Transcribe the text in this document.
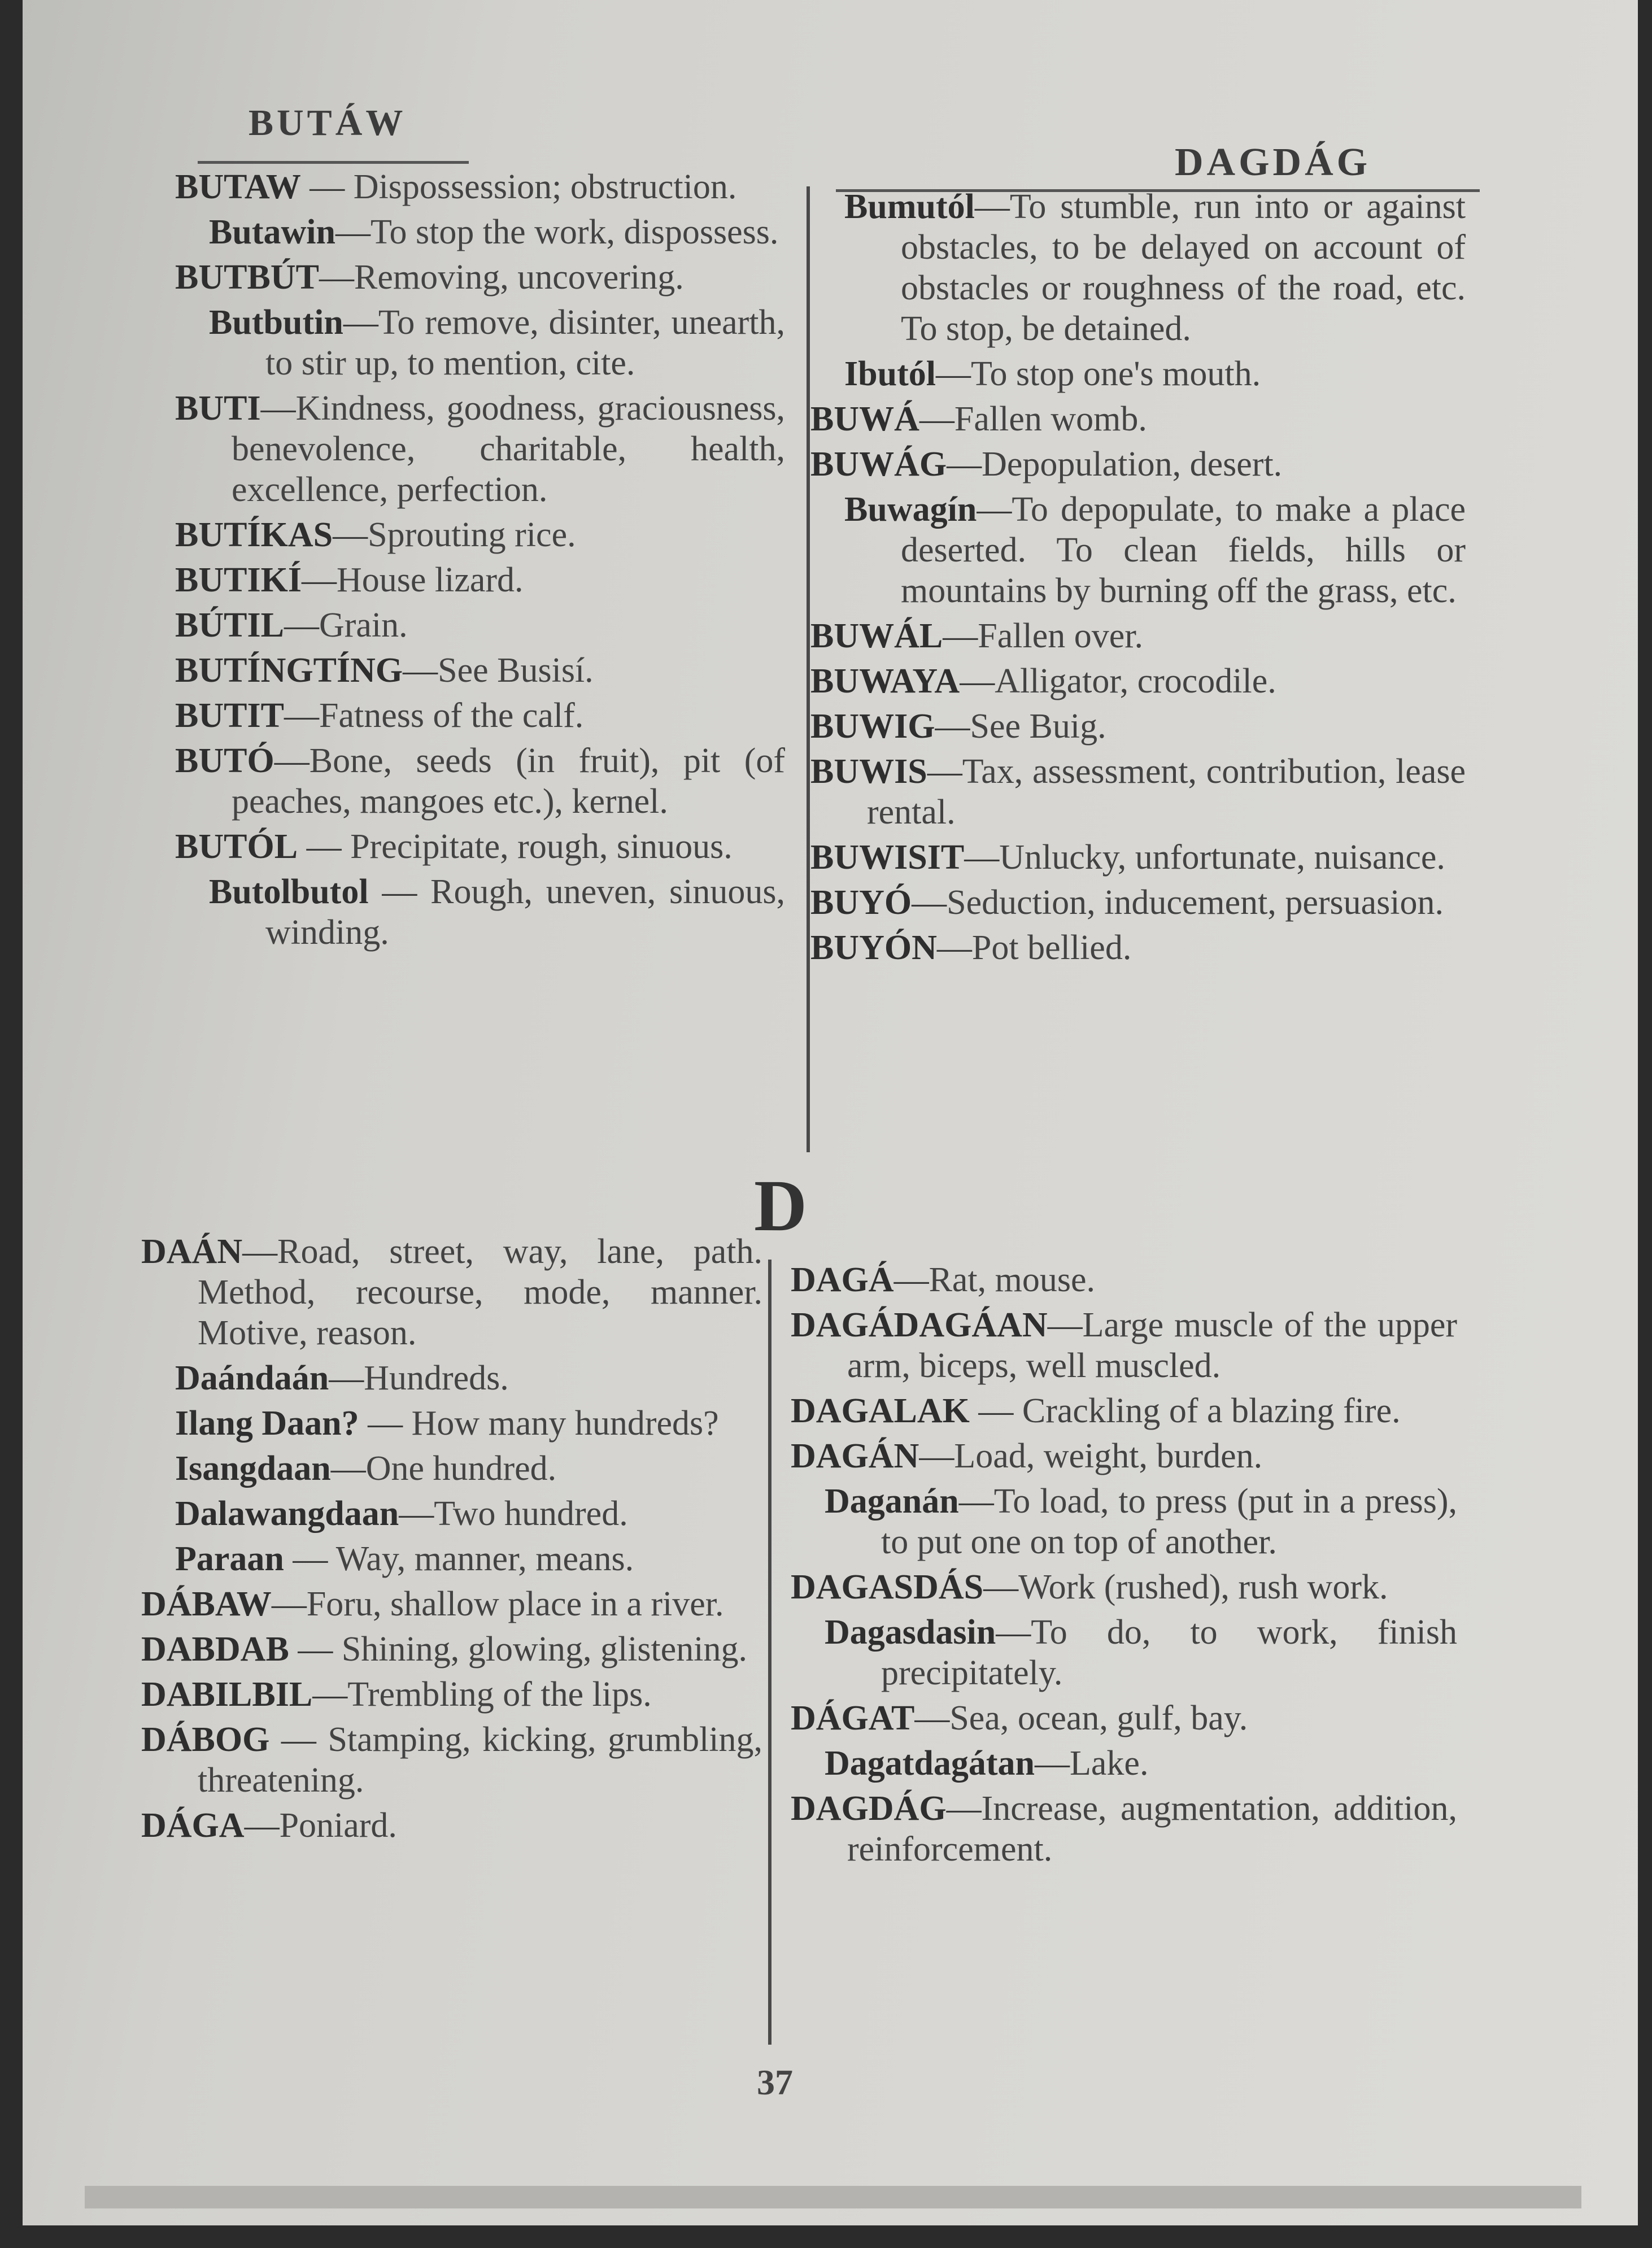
BUTÁW
DAGDÁG
BUTAW — Dispossession; obstruction.
Butawin—To stop the work, dispossess.
BUTBÚT—Removing, uncovering.
Butbutin—To remove, disinter, unearth, to stir up, to mention, cite.
BUTI—Kindness, goodness, graciousness, benevolence, charitable, health, excellence, perfection.
BUTÍKAS—Sprouting rice.
BUTIKÍ—House lizard.
BÚTIL—Grain.
BUTÍNGTÍNG—See Busisí.
BUTIT—Fatness of the calf.
BUTÓ—Bone, seeds (in fruit), pit (of peaches, mangoes etc.), kernel.
BUTÓL — Precipitate, rough, sinuous.
Butolbutol — Rough, uneven, sinuous, winding.
Bumutól—To stumble, run into or against obstacles, to be delayed on account of obstacles or roughness of the road, etc. To stop, be detained.
Ibutól—To stop one's mouth.
BUWÁ—Fallen womb.
BUWÁG—Depopulation, desert.
Buwagín—To depopulate, to make a place deserted. To clean fields, hills or mountains by burning off the grass, etc.
BUWÁL—Fallen over.
BUWAYA—Alligator, crocodile.
BUWIG—See Buig.
BUWIS—Tax, assessment, contribution, lease rental.
BUWISIT—Unlucky, unfortunate, nuisance.
BUYÓ—Seduction, inducement, persuasion.
BUYÓN—Pot bellied.
D
DAÁN—Road, street, way, lane, path. Method, recourse, mode, manner. Motive, reason.
Daándaán—Hundreds.
Ilang Daan? — How many hundreds?
Isangdaan—One hundred.
Dalawangdaan—Two hundred.
Paraan — Way, manner, means.
DÁBAW—Foru, shallow place in a river.
DABDAB — Shining, glowing, glistening.
DABILBIL—Trembling of the lips.
DÁBOG — Stamping, kicking, grumbling, threatening.
DÁGA—Poniard.
DAGÁ—Rat, mouse.
DAGÁDAGÁAN—Large muscle of the upper arm, biceps, well muscled.
DAGALAK — Crackling of a blazing fire.
DAGÁN—Load, weight, burden.
Daganán—To load, to press (put in a press), to put one on top of another.
DAGASDÁS—Work (rushed), rush work.
Dagasdasin—To do, to work, finish precipitately.
DÁGAT—Sea, ocean, gulf, bay.
Dagatdagátan—Lake.
DAGDÁG—Increase, augmentation, addition, reinforcement.
37
